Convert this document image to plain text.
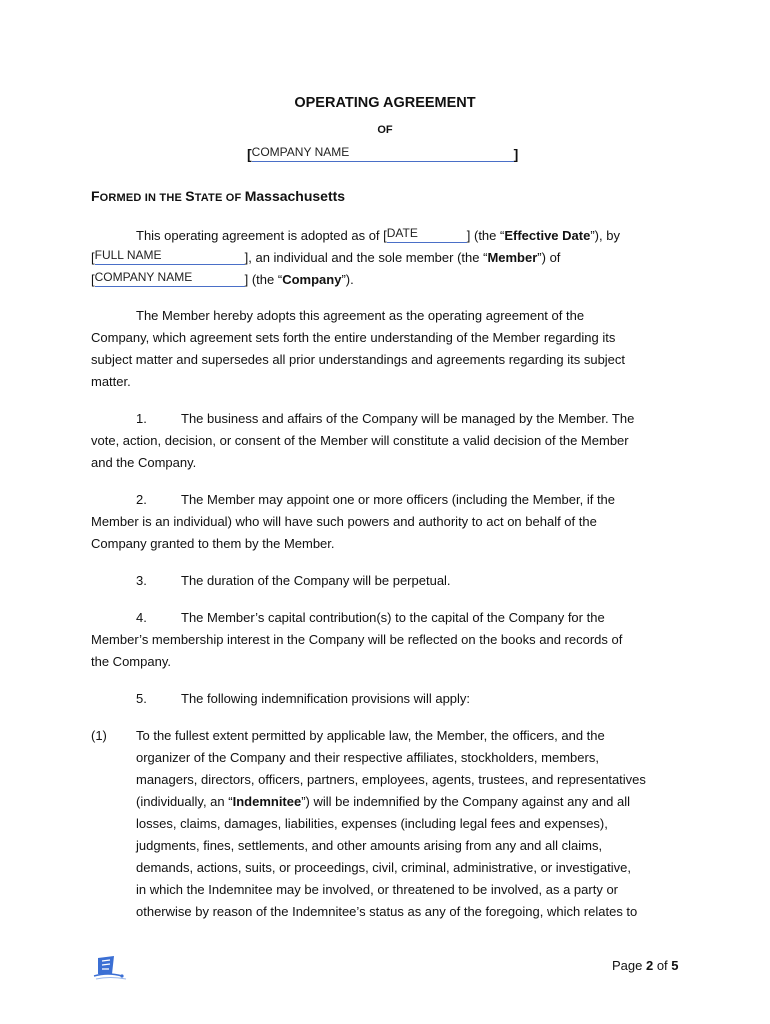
OPERATING AGREEMENT
OF
[COMPANY NAME	]
FORMED IN THE STATE OF Massachusetts
This operating agreement is adopted as of [DATE	] (the “Effective Date”), by
[FULL NAME	], an individual and the sole member (the “Member”) of
[COMPANY NAME	] (the “Company”).
The Member hereby adopts this agreement as the operating agreement of the
Company, which agreement sets forth the entire understanding of the Member regarding its
subject matter and supersedes all prior understandings and agreements regarding its subject
matter.
1.	The business and affairs of the Company will be managed by the Member. The
vote, action, decision, or consent of the Member will constitute a valid decision of the Member
and the Company.
2.	The Member may appoint one or more officers (including the Member, if the
Member is an individual) who will have such powers and authority to act on behalf of the
Company granted to them by the Member.
3.	The duration of the Company will be perpetual.
4.	The Member’s capital contribution(s) to the capital of the Company for the
Member’s membership interest in the Company will be reflected on the books and records of
the Company.
5.	The following indemnification provisions will apply:
(1) To the fullest extent permitted by applicable law, the Member, the officers, and the
organizer of the Company and their respective affiliates, stockholders, members,
managers, directors, officers, partners, employees, agents, trustees, and representatives
(individually, an “Indemnitee”) will be indemnified by the Company against any and all
losses, claims, damages, liabilities, expenses (including legal fees and expenses),
judgments, fines, settlements, and other amounts arising from any and all claims,
demands, actions, suits, or proceedings, civil, criminal, administrative, or investigative,
in which the Indemnitee may be involved, or threatened to be involved, as a party or
otherwise by reason of the Indemnitee’s status as any of the foregoing, which relates to
Page 2 of 5
